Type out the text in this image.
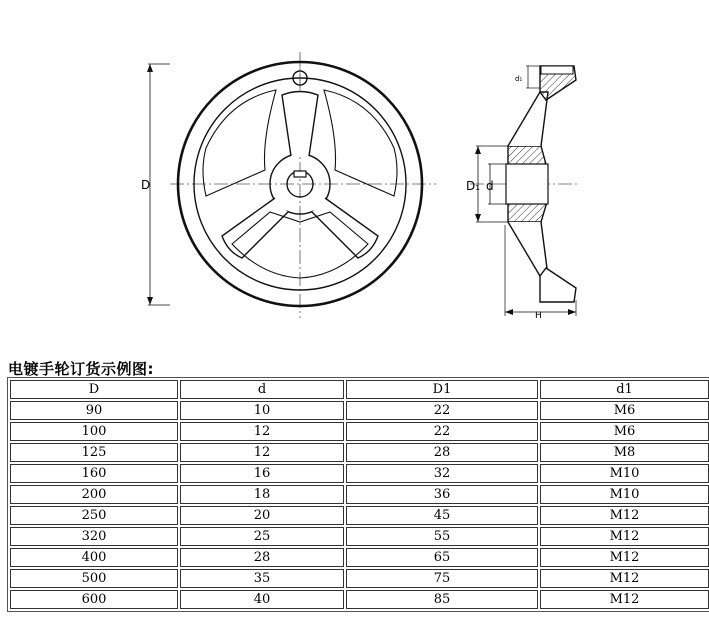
D	D₁ d
d₁
H
电镀手轮订货示例图:
D	d	D1	d1
90	10	22	M6
100	12	22	M6
125	12	28	M8
160	16	32	M10
200	18	36	M10
250	20	45	M12
320	25	55	M12
400	28	65	M12
500	35	75	M12
600	40	85	M12
